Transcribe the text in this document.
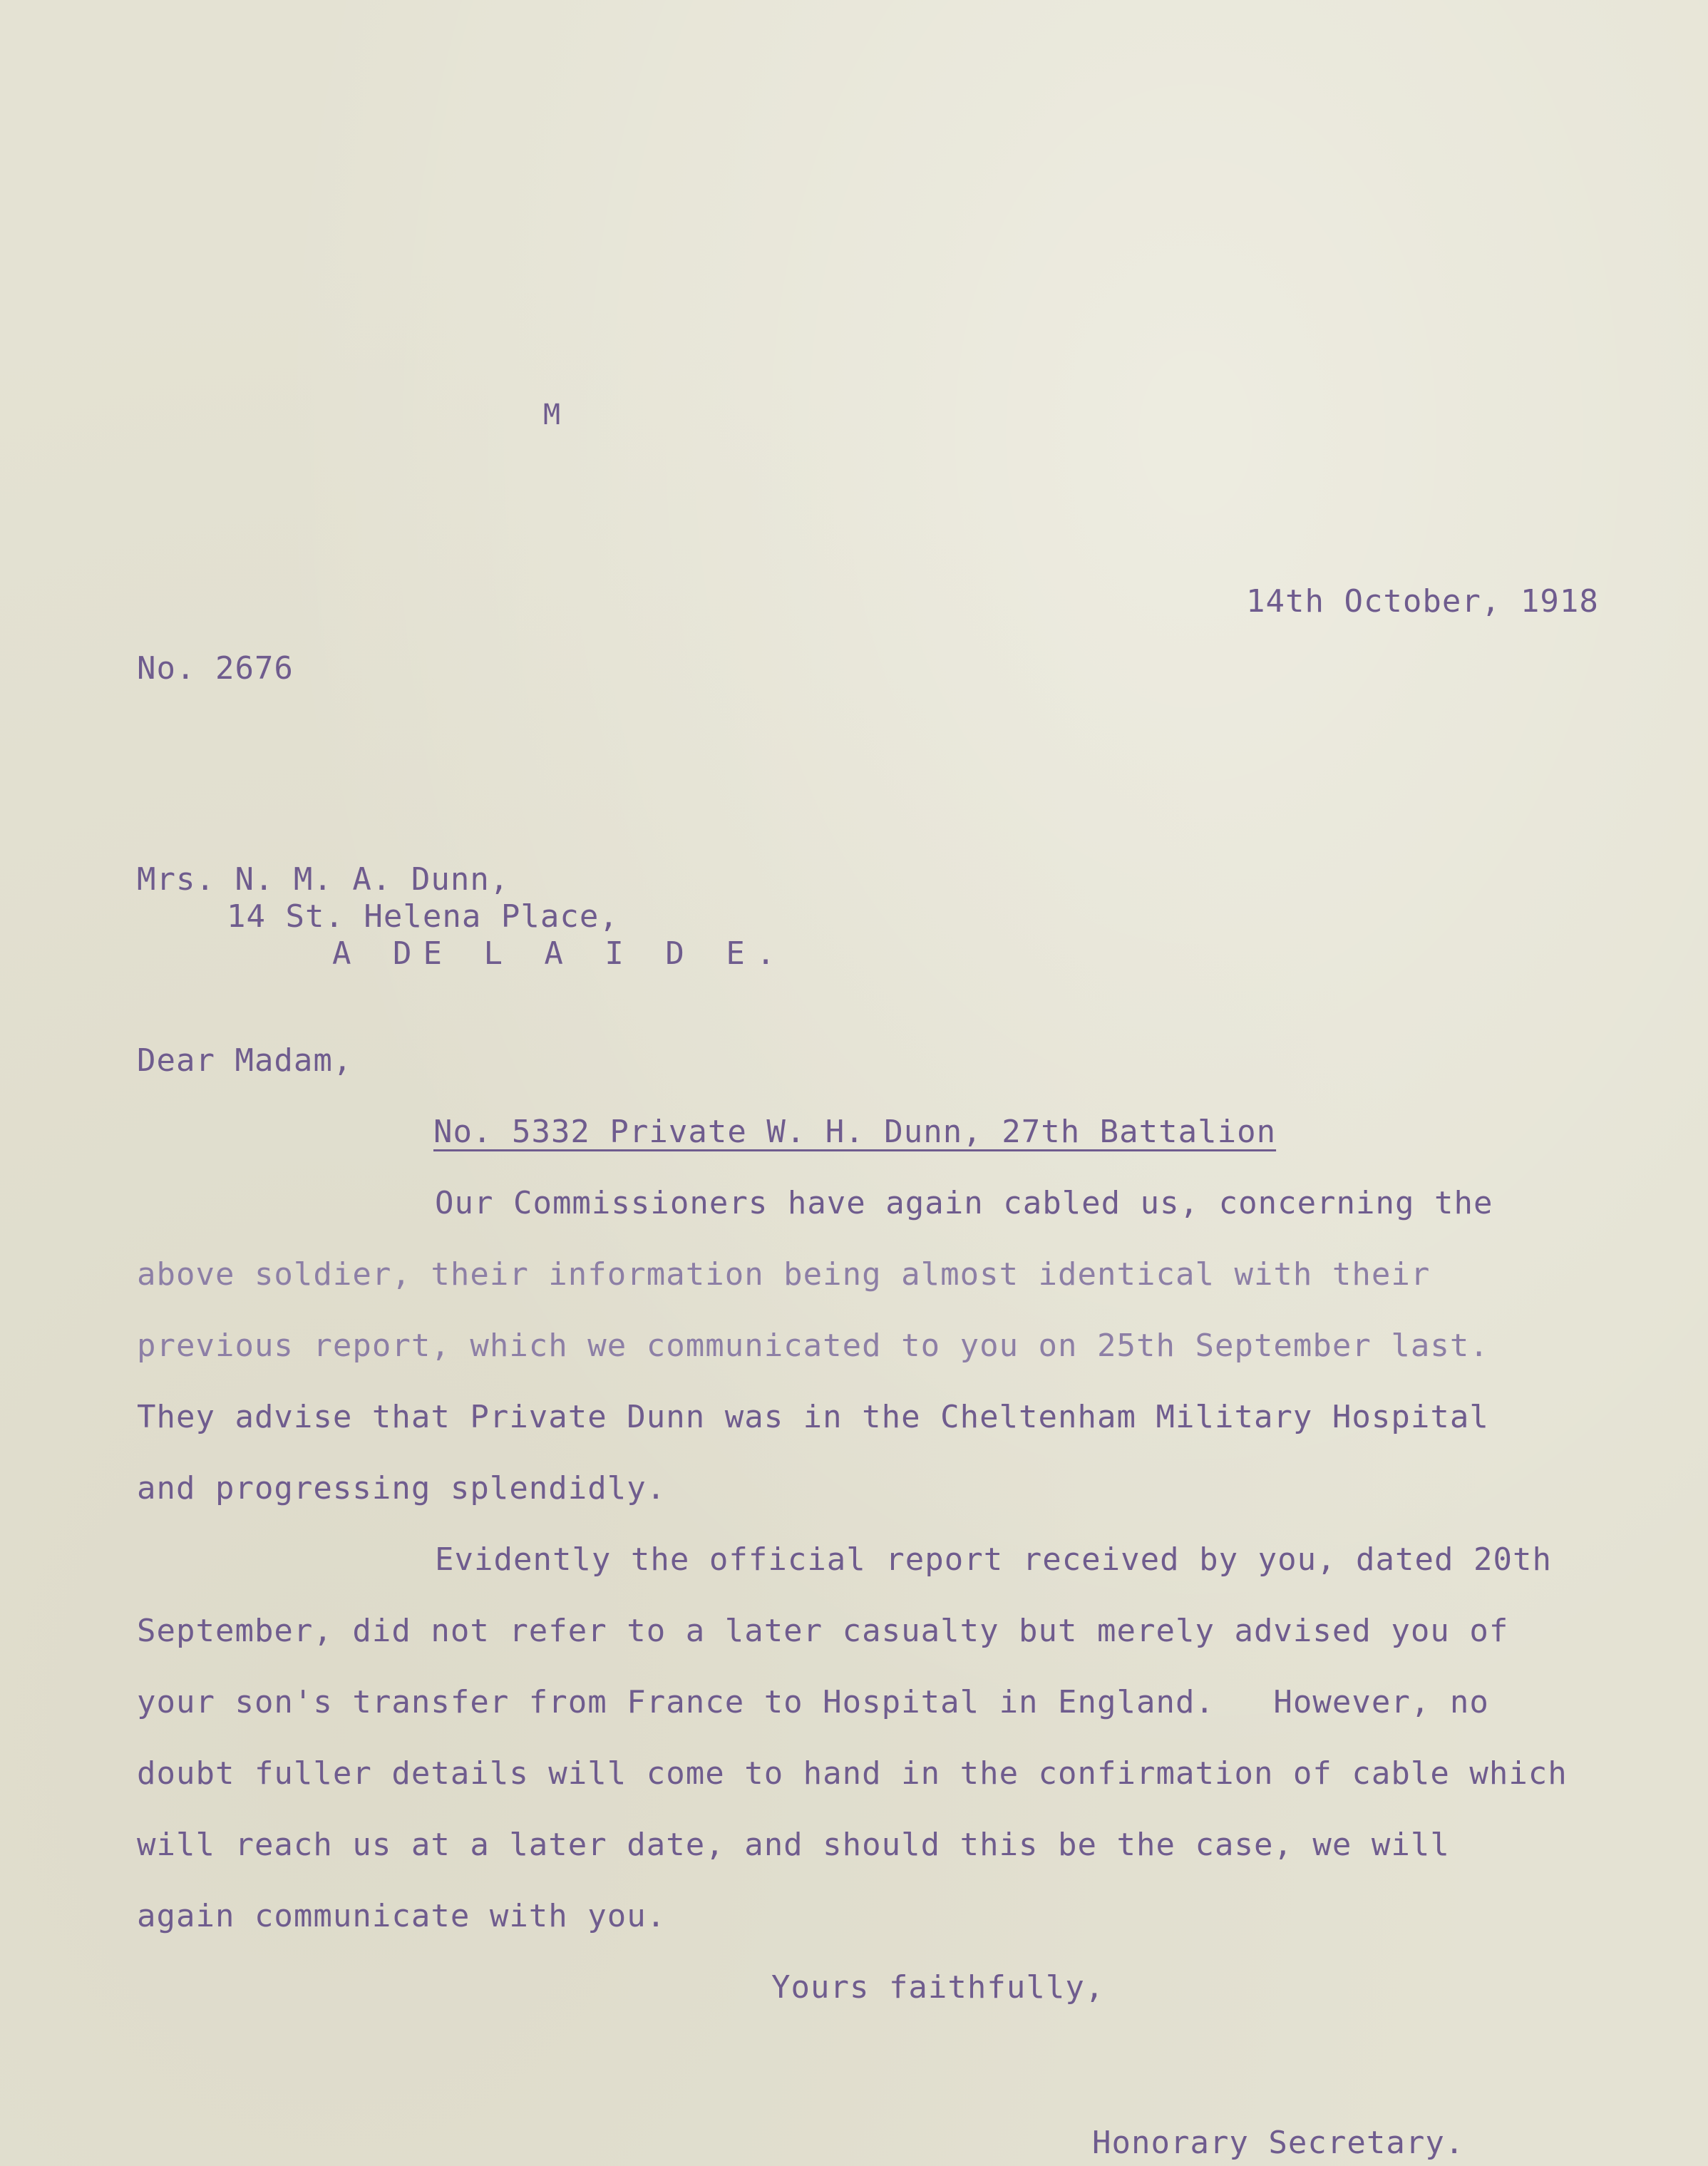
M
14th October, 1918
No. 2676
Mrs. N. M. A. Dunn,
14 St. Helena Place,
A DE L A I D E.
Dear Madam,
No. 5332 Private W. H. Dunn, 27th Battalion
Our Commissioners have again cabled us, concerning the
above soldier, their information being almost identical with their
previous report, which we communicated to you on 25th September last.
They advise that Private Dunn was in the Cheltenham Military Hospital
and progressing splendidly.
Evidently the official report received by you, dated 20th
September, did not refer to a later casualty but merely advised you of
your son's transfer from France to Hospital in England.   However, no
doubt fuller details will come to hand in the confirmation of cable which
will reach us at a later date, and should this be the case, we will
again communicate with you.
Yours faithfully,
Honorary Secretary.
